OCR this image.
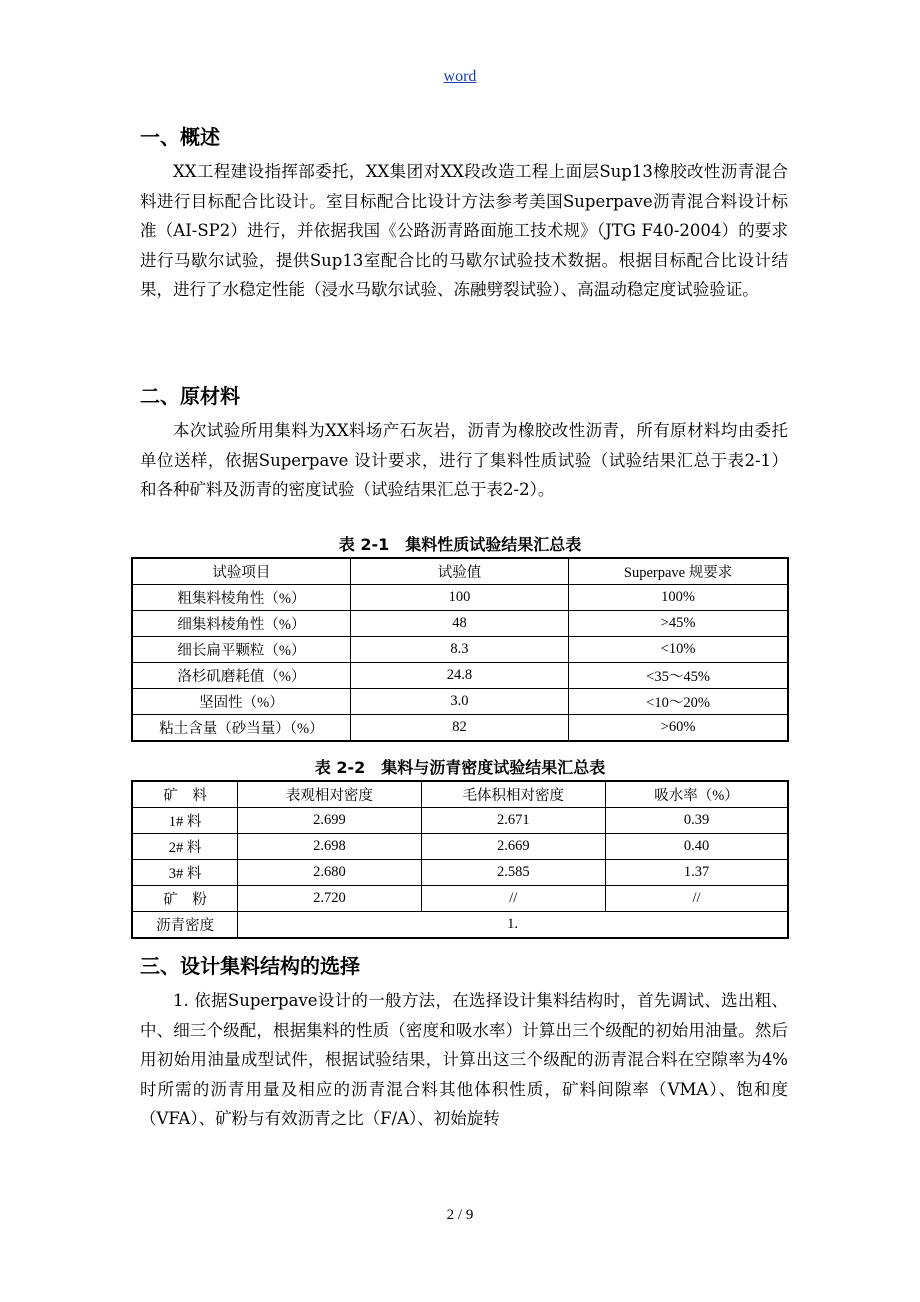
word
一、概述

XX工程建设指挥部委托，XX集团对XX段改造工程上面层Sup13橡胶改性沥青混合料进行目标配合比设计。室目标配合比设计方法参考美国Superpave沥青混合料设计标准（AI-SP2）进行，并依据我国《公路沥青路面施工技术规》（JTG F40-2004）的要求进行马歇尔试验，提供Sup13室配合比的马歇尔试验技术数据。根据目标配合比设计结果，进行了水稳定性能（浸水马歇尔试验、冻融劈裂试验）、高温动稳定度试验验证。

二、原材料

本次试验所用集料为XX料场产石灰岩，沥青为橡胶改性沥青，所有原材料均由委托单位送样，依据Superpave 设计要求，进行了集料性质试验（试验结果汇总于表2-1）和各种矿料及沥青的密度试验（试验结果汇总于表2-2）。

表 2-1　集料性质试验结果汇总表
试验项目	试验值	Superpave 规要求
粗集料棱角性（%）	100	100%
细集料棱角性（%）	48	>45%
细长扁平颗粒（%）	8.3	<10%
洛杉矶磨耗值（%）	24.8	<35～45%
坚固性（%）	3.0	<10～20%
粘土含量（砂当量）（%）	82	>60%
表 2-2　集料与沥青密度试验结果汇总表
矿　料	表观相对密度	毛体积相对密度	吸水率（%）
1# 料	2.699	2.671	0.39
2# 料	2.698	2.669	0.40
3# 料	2.680	2.585	1.37
矿　粉	2.720	//	//
沥青密度	1.		
三、设计集料结构的选择

1. 依据Superpave设计的一般方法，在选择设计集料结构时，首先调试、选出粗、中、细三个级配，根据集料的性质（密度和吸水率）计算出三个级配的初始用油量。然后用初始用油量成型试件，根据试验结果，计算出这三个级配的沥青混合料在空隙率为4%时所需的沥青用量及相应的沥青混合料其他体积性质，矿料间隙率（VMA）、饱和度（VFA）、矿粉与有效沥青之比（F/A）、初始旋转

2 / 9
